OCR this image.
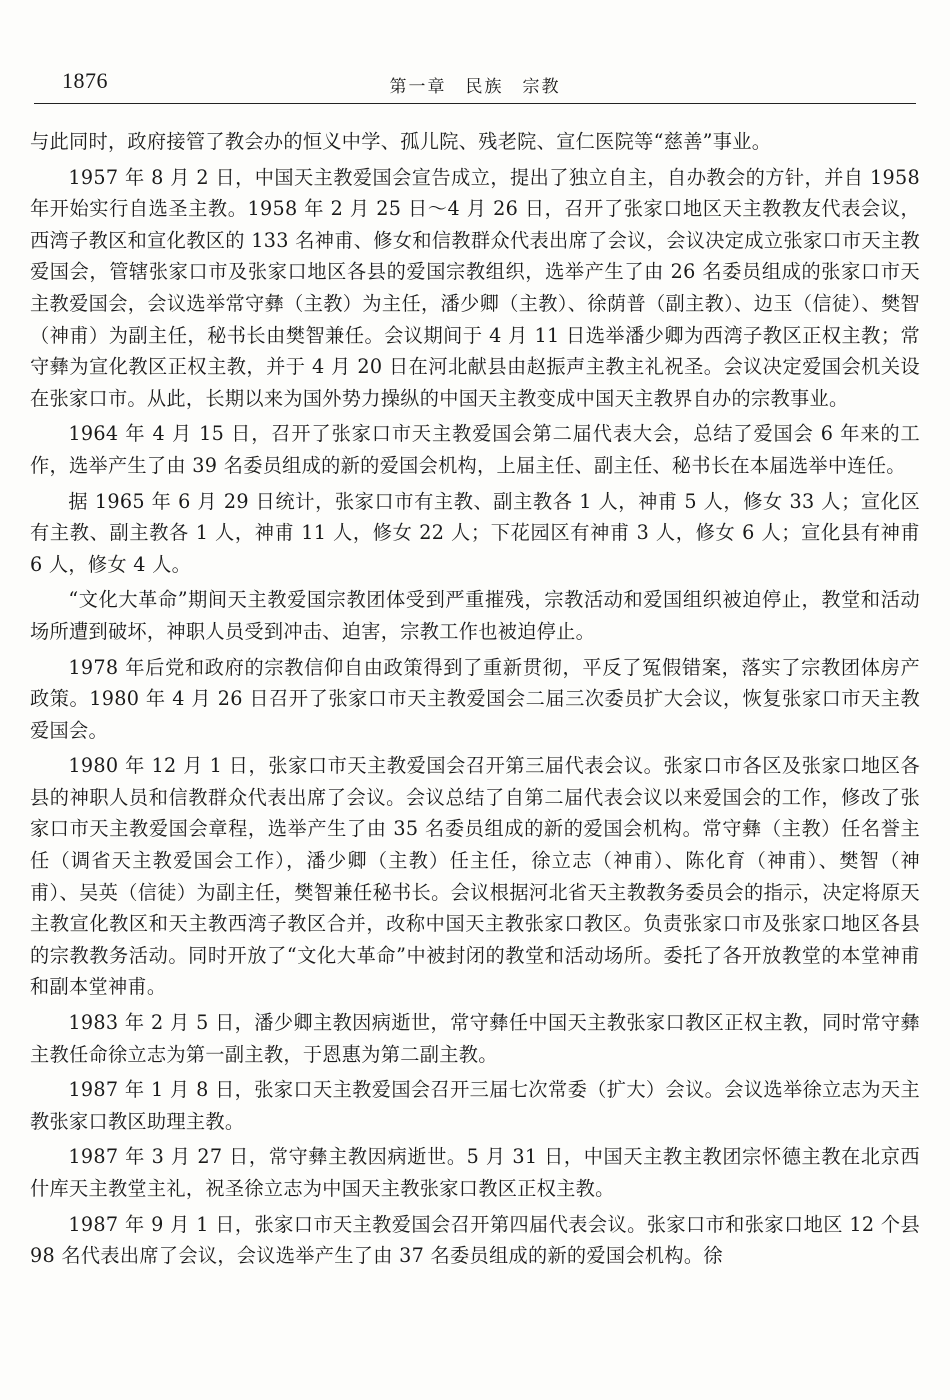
1876	第一章　民族　宗教

与此同时，政府接管了教会办的恒义中学、孤儿院、残老院、宣仁医院等“慈善”事业。

1957 年 8 月 2 日，中国天主教爱国会宣告成立，提出了独立自主，自办教会的方针，并自 1958 年开始实行自选圣主教。1958 年 2 月 25 日～4 月 26 日，召开了张家口地区天主教教友代表会议，西湾子教区和宣化教区的 133 名神甫、修女和信教群众代表出席了会议，会议决定成立张家口市天主教爱国会，管辖张家口市及张家口地区各县的爱国宗教组织，选举产生了由 26 名委员组成的张家口市天主教爱国会，会议选举常守彝（主教）为主任，潘少卿（主教）、徐荫普（副主教）、边玉（信徒）、樊智（神甫）为副主任，秘书长由樊智兼任。会议期间于 4 月 11 日选举潘少卿为西湾子教区正权主教；常守彝为宣化教区正权主教，并于 4 月 20 日在河北献县由赵振声主教主礼祝圣。会议决定爱国会机关设在张家口市。从此，长期以来为国外势力操纵的中国天主教变成中国天主教界自办的宗教事业。

1964 年 4 月 15 日，召开了张家口市天主教爱国会第二届代表大会，总结了爱国会 6 年来的工作，选举产生了由 39 名委员组成的新的爱国会机构，上届主任、副主任、秘书长在本届选举中连任。

据 1965 年 6 月 29 日统计，张家口市有主教、副主教各 1 人，神甫 5 人，修女 33 人；宣化区有主教、副主教各 1 人，神甫 11 人，修女 22 人；下花园区有神甫 3 人，修女 6 人；宣化县有神甫 6 人，修女 4 人。

“文化大革命”期间天主教爱国宗教团体受到严重摧残，宗教活动和爱国组织被迫停止，教堂和活动场所遭到破坏，神职人员受到冲击、迫害，宗教工作也被迫停止。

1978 年后党和政府的宗教信仰自由政策得到了重新贯彻，平反了冤假错案，落实了宗教团体房产政策。1980 年 4 月 26 日召开了张家口市天主教爱国会二届三次委员扩大会议，恢复张家口市天主教爱国会。

1980 年 12 月 1 日，张家口市天主教爱国会召开第三届代表会议。张家口市各区及张家口地区各县的神职人员和信教群众代表出席了会议。会议总结了自第二届代表会议以来爱国会的工作，修改了张家口市天主教爱国会章程，选举产生了由 35 名委员组成的新的爱国会机构。常守彝（主教）任名誉主任（调省天主教爱国会工作），潘少卿（主教）任主任，徐立志（神甫）、陈化育（神甫）、樊智（神甫）、吴英（信徒）为副主任，樊智兼任秘书长。会议根据河北省天主教教务委员会的指示，决定将原天主教宣化教区和天主教西湾子教区合并，改称中国天主教张家口教区。负责张家口市及张家口地区各县的宗教教务活动。同时开放了“文化大革命”中被封闭的教堂和活动场所。委托了各开放教堂的本堂神甫和副本堂神甫。

1983 年 2 月 5 日，潘少卿主教因病逝世，常守彝任中国天主教张家口教区正权主教，同时常守彝主教任命徐立志为第一副主教，于恩惠为第二副主教。

1987 年 1 月 8 日，张家口天主教爱国会召开三届七次常委（扩大）会议。会议选举徐立志为天主教张家口教区助理主教。

1987 年 3 月 27 日，常守彝主教因病逝世。5 月 31 日，中国天主教主教团宗怀德主教在北京西什库天主教堂主礼，祝圣徐立志为中国天主教张家口教区正权主教。

1987 年 9 月 1 日，张家口市天主教爱国会召开第四届代表会议。张家口市和张家口地区 12 个县 98 名代表出席了会议，会议选举产生了由 37 名委员组成的新的爱国会机构。徐
